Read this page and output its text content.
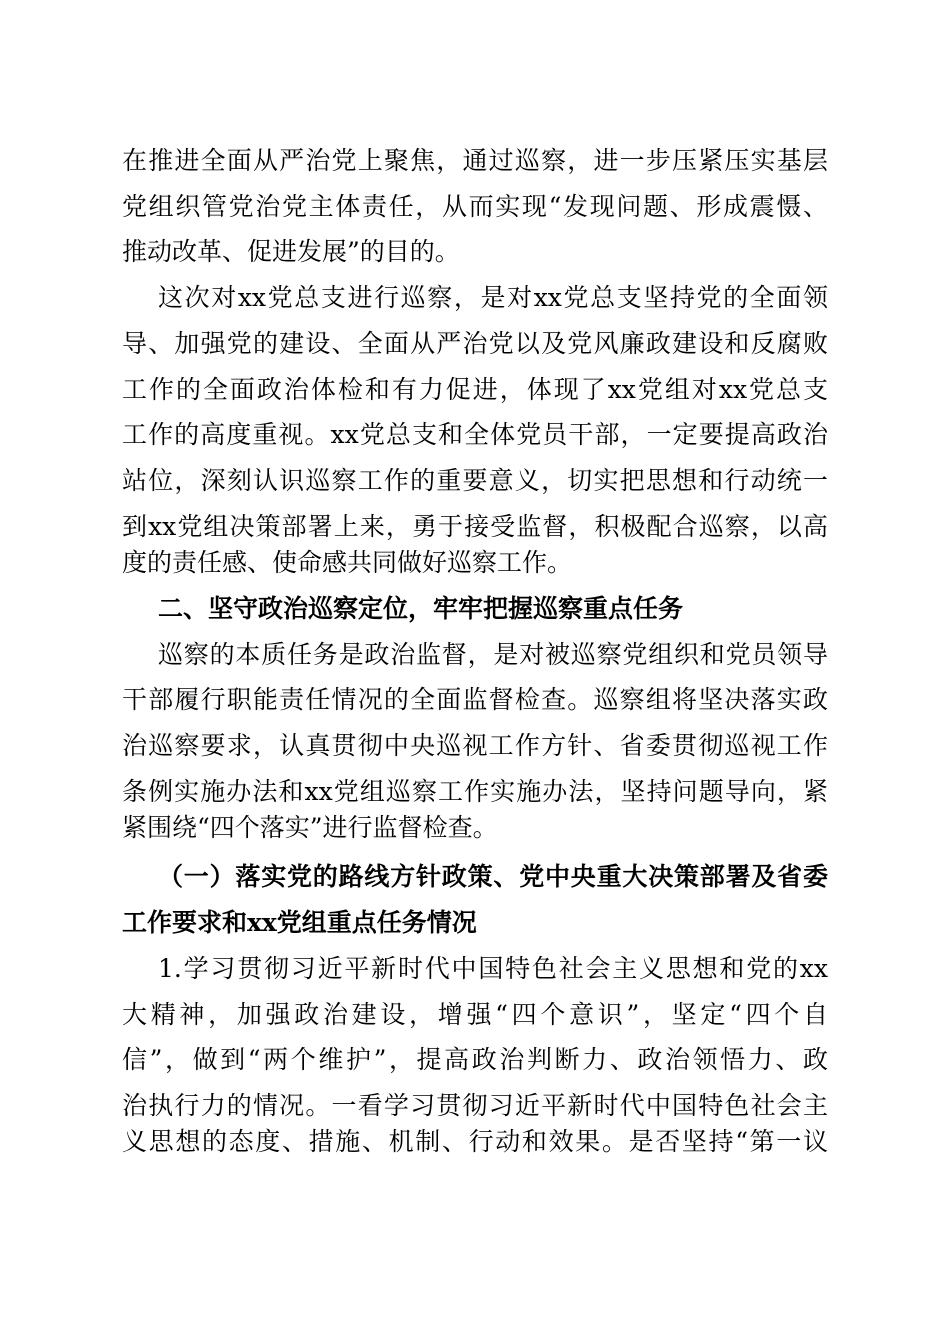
在推进全面从严治党上聚焦，通过巡察，进一步压紧压实基层
党组织管党治党主体责任，从而实现“发现问题、形成震慑、
推动改革、促进发展”的目的。
这次对xx党总支进行巡察，是对xx党总支坚持党的全面领
导、加强党的建设、全面从严治党以及党风廉政建设和反腐败
工作的全面政治体检和有力促进，体现了xx党组对xx党总支
工作的高度重视。xx党总支和全体党员干部，一定要提高政治
站位，深刻认识巡察工作的重要意义，切实把思想和行动统一
到xx党组决策部署上来，勇于接受监督，积极配合巡察，以高
度的责任感、使命感共同做好巡察工作。
二、坚守政治巡察定位，牢牢把握巡察重点任务
巡察的本质任务是政治监督，是对被巡察党组织和党员领导
干部履行职能责任情况的全面监督检查。巡察组将坚决落实政
治巡察要求，认真贯彻中央巡视工作方针、省委贯彻巡视工作
条例实施办法和xx党组巡察工作实施办法，坚持问题导向，紧
紧围绕“四个落实”进行监督检查。
（一）落实党的路线方针政策、党中央重大决策部署及省委
工作要求和xx党组重点任务情况
1.学习贯彻习近平新时代中国特色社会主义思想和党的xx
大精神，加强政治建设，增强“四个意识”，坚定“四个自
信”，做到“两个维护”，提高政治判断力、政治领悟力、政
治执行力的情况。一看学习贯彻习近平新时代中国特色社会主
义思想的态度、措施、机制、行动和效果。是否坚持“第一议
